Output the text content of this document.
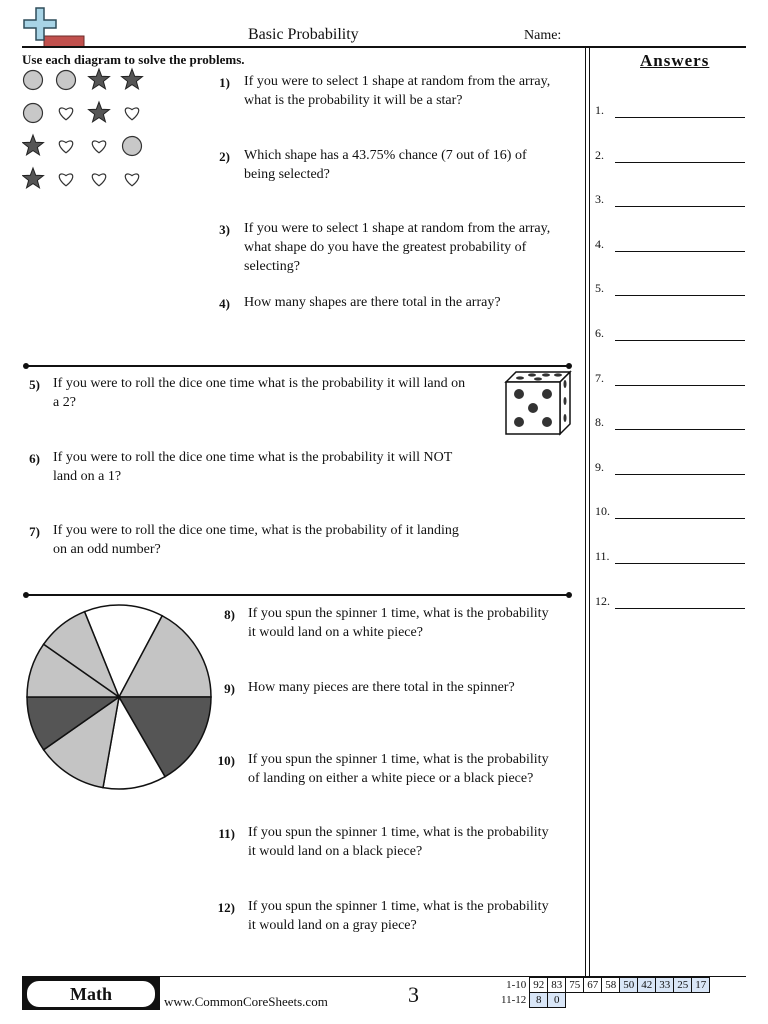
Basic Probability	Name:
Use each diagram to solve the problems.	Answers
1) If you were to select 1 shape at random from the array,
what is the probability it will be a star?
2) Which shape has a 43.75% chance (7 out of 16) of
being selected?
3) If you were to select 1 shape at random from the array,
what shape do you have the greatest probability of
selecting?
4) How many shapes are there total in the array?
5) If you were to roll the dice one time what is the probability it will land on
a 2?
6) If you were to roll the dice one time what is the probability it will NOT
land on a 1?
7) If you were to roll the dice one time, what is the probability of it landing
on an odd number?
8) If you spun the spinner 1 time, what is the probability
it would land on a white piece?
9) How many pieces are there total in the spinner?
10) If you spun the spinner 1 time, what is the probability
of landing on either a white piece or a black piece?
11) If you spun the spinner 1 time, what is the probability
it would land on a black piece?
12) If you spun the spinner 1 time, what is the probability
it would land on a gray piece?
1.
2.
3.
4.
5.
6.
7.
8.
9.
10.
11.
12.
Math	www.CommonCoreSheets.com	3	1-10	92	83	75	67	58	50	42	33	25	17
11-12	8	0								
